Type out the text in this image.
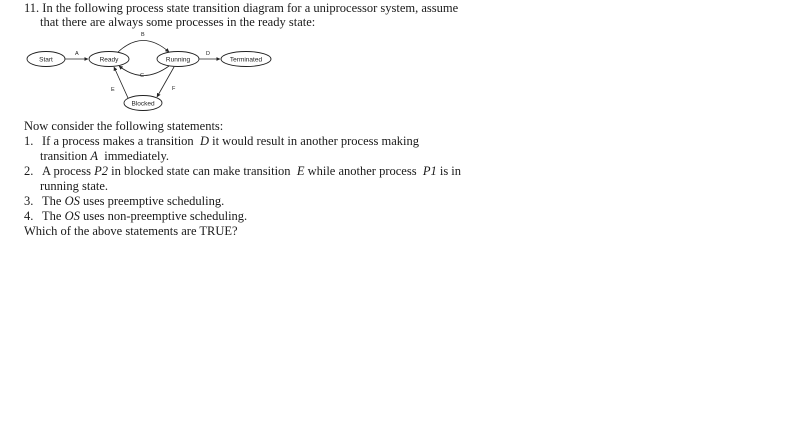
11. In the following process state transition diagram for a uniprocessor system, assume
that there are always some processes in the ready state:
Start	Ready	Running	Terminated
Blocked
A
B
C
D
E	F
Now consider the following statements:
1. If a process makes a transition D it would result in another process making
transition A immediately.
2. A process P2 in blocked state can make transition E while another process P1 is in
running state.
3. The OS uses preemptive scheduling.
4. The OS uses non-preemptive scheduling.
Which of the above statements are TRUE?
